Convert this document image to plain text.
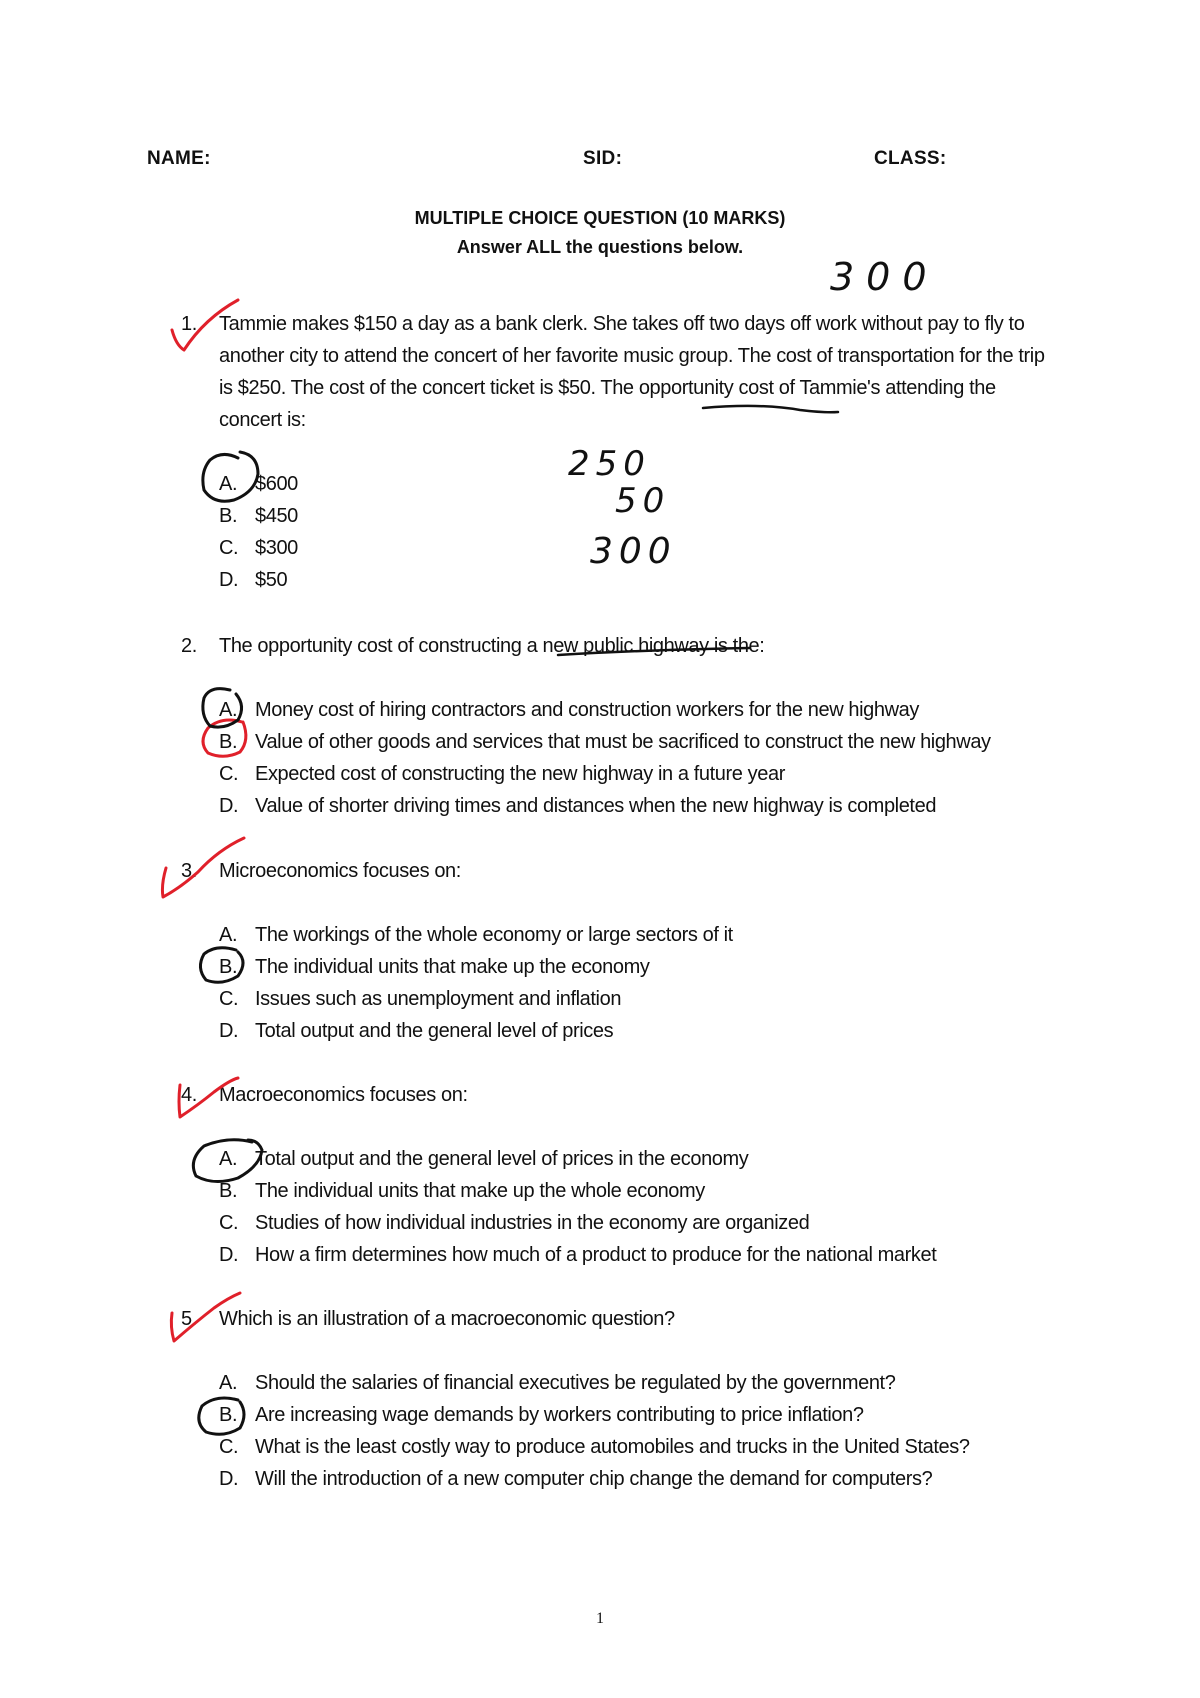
NAME:	SID:	CLASS:
MULTIPLE CHOICE QUESTION (10 MARKS)
Answer ALL the questions below.
1. Tammie makes $150 a day as a bank clerk. She takes off two days off work without pay to fly to another city to attend the concert of her favorite music group. The cost of transportation for the trip is $250. The cost of the concert ticket is $50. The opportunity cost of Tammie's attending the concert is:
A. $600
B. $450
C. $300
D. $50
2. The opportunity cost of constructing a new public highway is the:
A. Money cost of hiring contractors and construction workers for the new highway
B. Value of other goods and services that must be sacrificed to construct the new highway
C. Expected cost of constructing the new highway in a future year
D. Value of shorter driving times and distances when the new highway is completed
3. Microeconomics focuses on:
A. The workings of the whole economy or large sectors of it
B. The individual units that make up the economy
C. Issues such as unemployment and inflation
D. Total output and the general level of prices
4. Macroeconomics focuses on:
A. Total output and the general level of prices in the economy
B. The individual units that make up the whole economy
C. Studies of how individual industries in the economy are organized
D. How a firm determines how much of a product to produce for the national market
5. Which is an illustration of a macroeconomic question?
A. Should the salaries of financial executives be regulated by the government?
B. Are increasing wage demands by workers contributing to price inflation?
C. What is the least costly way to produce automobiles and trucks in the United States?
D. Will the introduction of a new computer chip change the demand for computers?
1
300
250
50
300
